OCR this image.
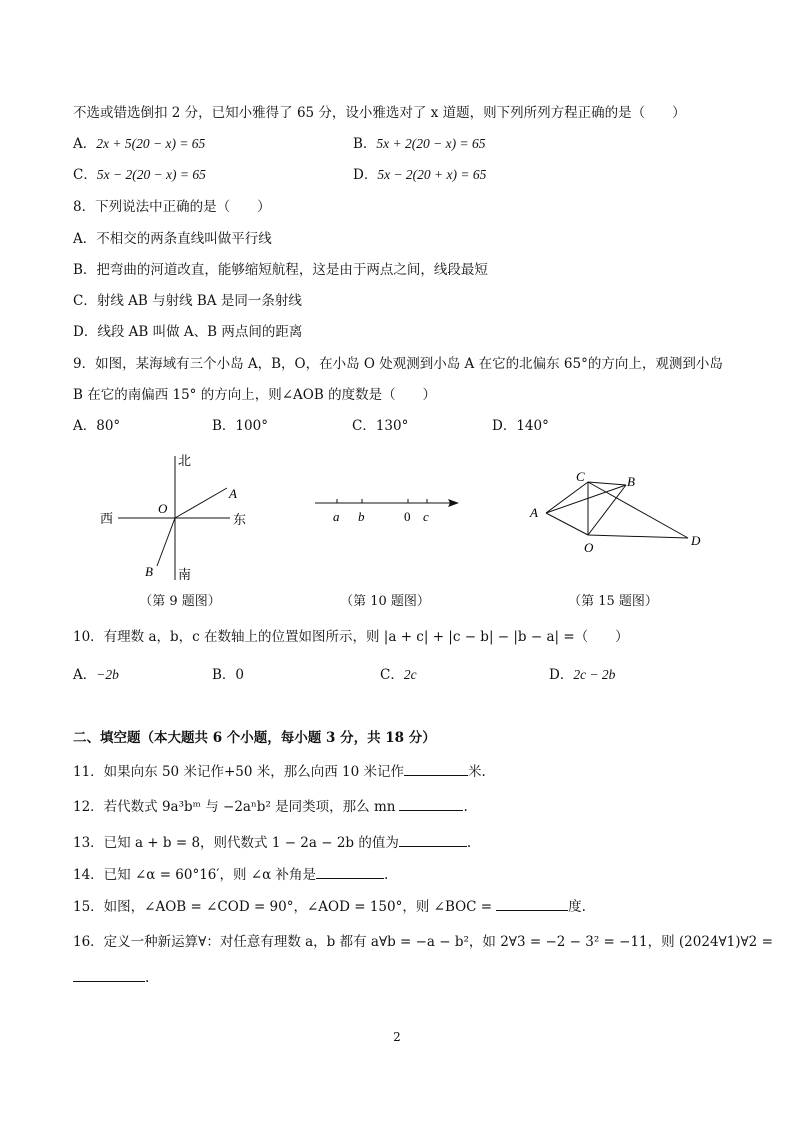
不选或错选倒扣 2 分，已知小雅得了 65 分，设小雅选对了 x 道题，则下列所列方程正确的是（　　）
A．2x + 5(20 − x) = 65	B．5x + 2(20 − x) = 65
C．5x − 2(20 − x) = 65	D．5x − 2(20 + x) = 65
8．下列说法中正确的是（　　）
A．不相交的两条直线叫做平行线
B．把弯曲的河道改直，能够缩短航程，这是由于两点之间，线段最短
C．射线 AB 与射线 BA 是同一条射线
D．线段 AB 叫做 A、B 两点间的距离
9．如图，某海域有三个小岛 A，B，O，在小岛 O 处观测到小岛 A 在它的北偏东 65°的方向上，观测到小岛
B 在它的南偏西 15° 的方向上，则∠AOB 的度数是（　　）
A．80°	B．100°	C．130°	D．140°
北
南
西	东
O
A
B
（第 9 题图）
a b	0 c
（第 10 题图）
C	B
A
O	D
（第 15 题图）
10．有理数 a，b，c 在数轴上的位置如图所示，则 |a + c| + |c − b| − |b − a| =（　　）
A．−2b	B．0	C．2c	D．2c − 2b
二、填空题（本大题共 6 个小题，每小题 3 分，共 18 分）
11．如果向东 50 米记作+50 米，那么向西 10 米记作	米.
12．若代数式 9a³bᵐ 与 −2aⁿb² 是同类项，那么 mn	.
13．已知 a + b = 8，则代数式 1 − 2a − 2b 的值为	.
14．已知 ∠α = 60°16′，则 ∠α 补角是	.
15．如图，∠AOB = ∠COD = 90°，∠AOD = 150°，则 ∠BOC =	度.
16．定义一种新运算∀：对任意有理数 a，b 都有 a∀b = −a − b²，如 2∀3 = −2 − 3² = −11，则 (2024∀1)∀2 =
.
2
